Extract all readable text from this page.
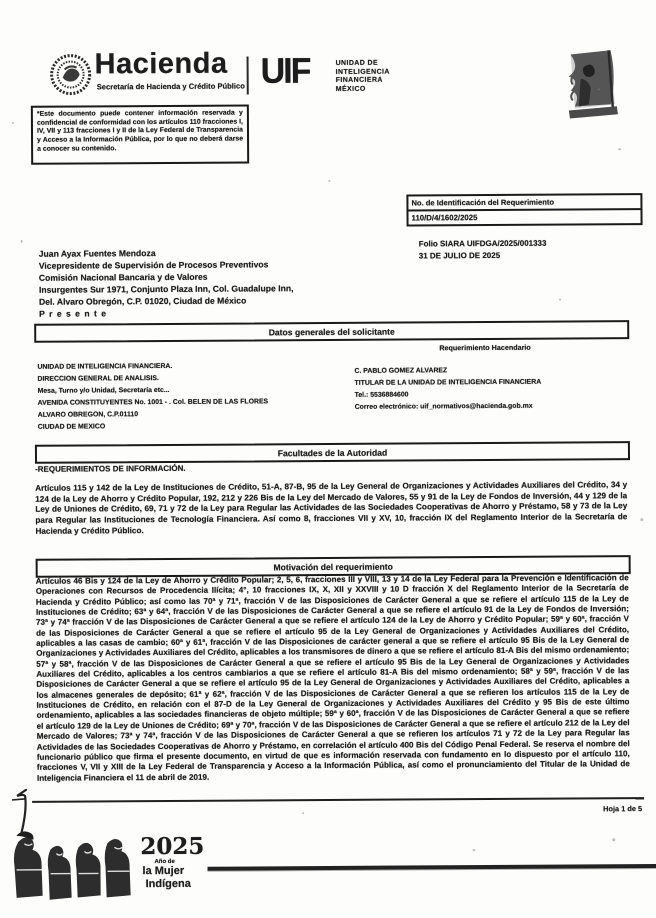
Hacienda
Secretaría de Hacienda y Crédito Público UIF	UNIDAD DE
INTELIGENCIA
FINANCIERA
MÉXICO
*Este documento puede contener información reservada y confidencial de conformidad con los artículos 110 fracciones I, IV, VII y 113 fracciones I y II de la Ley Federal de Transparencia y Acceso a la Información Pública, por lo que no deberá darse a conocer su contenido.
No. de Identificación del Requerimiento
110/D/4/1602/2025
Folio SIARA UIFDGA/2025/001333
31 DE JULIO DE 2025
Juan Ayax Fuentes Mendoza
Vicepresidente de Supervisión de Procesos Preventivos
Comisión Nacional Bancaria y de Valores
Insurgentes Sur 1971, Conjunto Plaza Inn, Col. Guadalupe Inn,
Del. Alvaro Obregón, C.P. 01020, Ciudad de México
P r e s e n t e
Datos generales del solicitante
Requerimiento Hacendario
UNIDAD DE INTELIGENCIA FINANCIERA.
DIRECCION GENERAL DE ANALISIS.
Mesa, Turno y/o Unidad, Secretaría etc...
AVENIDA CONSTITUYENTES No. 1001 - . Col. BELEN DE LAS FLORES
ALVARO OBREGON, C.P.01110
CIUDAD DE MEXICO
C. PABLO GOMEZ ALVAREZ
TITULAR DE LA UNIDAD DE INTELIGENCIA FINANCIERA
Tel.: 5536884600
Correo electrónico: uif_normativos@hacienda.gob.mx
Facultades de la Autoridad
-REQUERIMIENTOS DE INFORMACIÓN.
Artículos 115 y 142 de la Ley de Instituciones de Crédito, 51-A, 87-B, 95 de la Ley General de Organizaciones y Actividades Auxiliares del Crédito, 34 y 124 de la Ley de Ahorro y Crédito Popular, 192, 212 y 226 Bis de la Ley del Mercado de Valores, 55 y 91 de la Ley de Fondos de Inversión, 44 y 129 de la Ley de Uniones de Crédito, 69, 71 y 72 de la Ley para Regular las Actividades de las Sociedades Cooperativas de Ahorro y Préstamo, 58 y 73 de la Ley para Regular las Instituciones de Tecnología Financiera. Así como 8, fracciones VII y XV, 10, fracción IX del Reglamento Interior de la Secretaría de Hacienda y Crédito Público.
Motivación del requerimiento
Artículos 46 Bis y 124 de la Ley de Ahorro y Crédito Popular; 2, 5, 6, fracciones III y VIII, 13 y 14 de la Ley Federal para la Prevención e Identificación de Operaciones con Recursos de Procedencia Ilícita; 4°, 10 fracciones IX, X, XII y XXVIII y 10 D fracción X del Reglamento Interior de la Secretaría de Hacienda y Crédito Público; así como las 70ª y 71ª, fracción V de las Disposiciones de Carácter General a que se refiere el artículo 115 de la Ley de Instituciones de Crédito; 63ª y 64ª, fracción V de las Disposiciones de Carácter General a que se refiere el artículo 91 de la Ley de Fondos de Inversión; 73ª y 74ª fracción V de las Disposiciones de Carácter General a que se refiere el artículo 124 de la Ley de Ahorro y Crédito Popular; 59ª y 60ª, fracción V de las Disposiciones de Carácter General a que se refiere el artículo 95 de la Ley General de Organizaciones y Actividades Auxiliares del Crédito, aplicables a las casas de cambio; 60ª y 61ª, fracción V de las Disposiciones de carácter general a que se refiere el artículo 95 Bis de la Ley General de Organizaciones y Actividades Auxiliares del Crédito, aplicables a los transmisores de dinero a que se refiere el artículo 81-A Bis del mismo ordenamiento; 57ª y 58ª, fracción V de las Disposiciones de Carácter General a que se refiere el artículo 95 Bis de la Ley General de Organizaciones y Actividades Auxiliares del Crédito, aplicables a los centros cambiarios a que se refiere el artículo 81-A Bis del mismo ordenamiento; 58ª y 59ª, fracción V de las Disposiciones de Carácter General a que se refiere el artículo 95 de la Ley General de Organizaciones y Actividades Auxiliares del Crédito, aplicables a los almacenes generales de depósito; 61ª y 62ª, fracción V de las Disposiciones de Carácter General a que se refieren los artículos 115 de la Ley de Instituciones de Crédito, en relación con el 87-D de la Ley General de Organizaciones y Actividades Auxiliares del Crédito y 95 Bis de este último ordenamiento, aplicables a las sociedades financieras de objeto múltiple; 59ª y 60ª, fracción V de las Disposiciones de Carácter General a que se refiere el artículo 129 de la Ley de Uniones de Crédito; 69ª y 70ª, fracción V de las Disposiciones de Carácter General a que se refiere el artículo 212 de la Ley del Mercado de Valores; 73ª y 74ª, fracción V de las Disposiciones de Carácter General a que se refieren los artículos 71 y 72 de la Ley para Regular las Actividades de las Sociedades Cooperativas de Ahorro y Préstamo, en correlación el artículo 400 Bis del Código Penal Federal. Se reserva el nombre del funcionario público que firma el presente documento, en virtud de que es información reservada con fundamento en lo dispuesto por el artículo 110, fracciones V, VII y XIII de la Ley Federal de Transparencia y Acceso a la Información Pública, así como el pronunciamiento del Titular de la Unidad de Inteligencia Financiera el 11 de abril de 2019.
Hoja 1 de 5
2025
Año de
la Mujer
Indígena
